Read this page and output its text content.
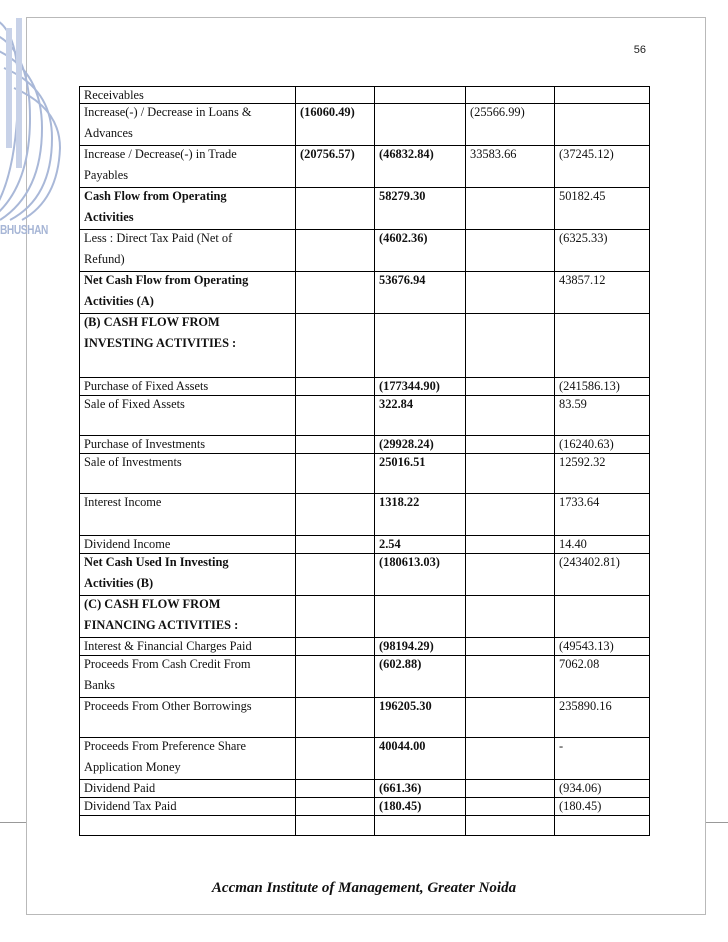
BHUSHAN
56
Receivables				

Increase(-) / Decrease in Loans &
Advances	(16060.49)		(25566.99)	

Increase / Decrease(-) in Trade
Payables	(20756.57)	(46832.84)	33583.66	(37245.12)

Cash Flow from Operating
Activities		58279.30		50182.45

Less : Direct Tax Paid (Net of
Refund)		(4602.36)		(6325.33)

Net Cash Flow from Operating
Activities (A)		53676.94		43857.12

(B) CASH FLOW FROM
INVESTING ACTIVITIES :				

Purchase of Fixed Assets		(177344.90)		(241586.13)

Sale of Fixed Assets		322.84		83.59

Purchase of Investments		(29928.24)		(16240.63)

Sale of Investments		25016.51		12592.32

Interest Income		1318.22		1733.64

Dividend Income		2.54		14.40

Net Cash Used In Investing
Activities (B)		(180613.03)		(243402.81)

(C) CASH FLOW FROM
FINANCING ACTIVITIES :				

Interest & Financial Charges Paid		(98194.29)		(49543.13)

Proceeds From Cash Credit From
Banks		(602.88)		7062.08

Proceeds From Other Borrowings		196205.30		235890.16

Proceeds From Preference Share
Application Money		40044.00		-

Dividend Paid		(661.36)		(934.06)

Dividend Tax Paid		(180.45)		(180.45)

Accman Institute of Management, Greater Noida
